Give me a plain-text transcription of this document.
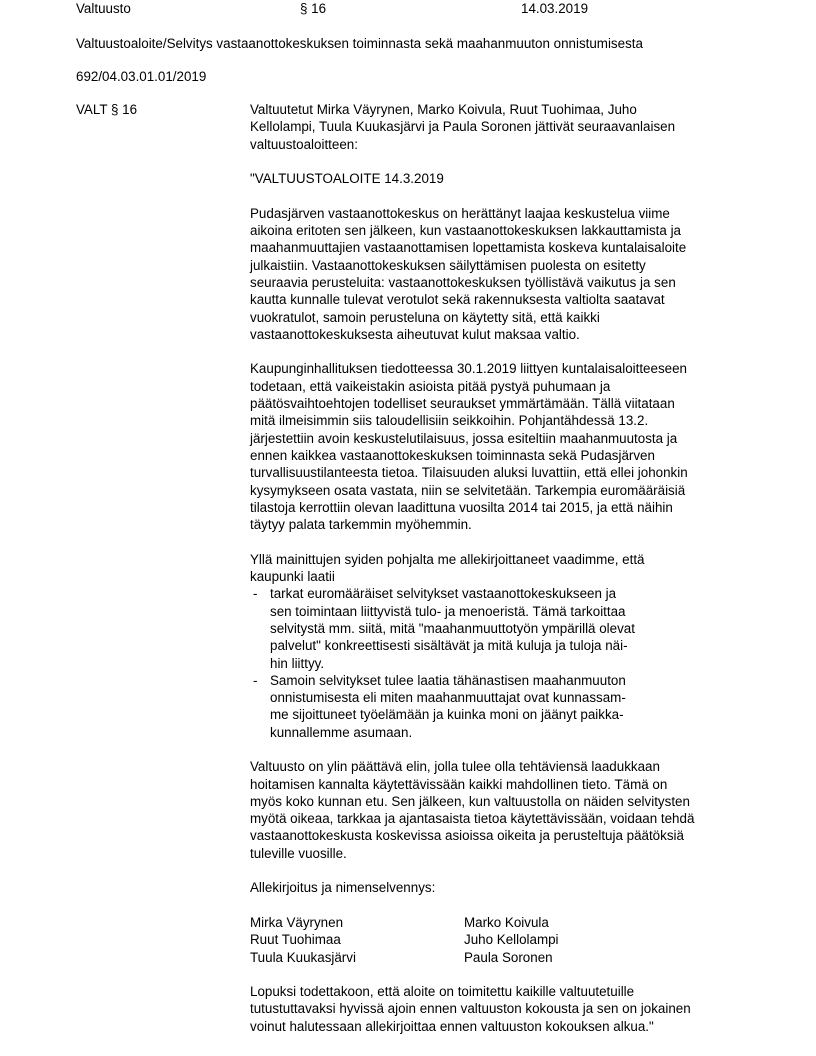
Valtuusto	§ 16	14.03.2019
Valtuustoaloite/Selvitys vastaanottokeskuksen toiminnasta sekä maahanmuuton onnistumisesta
692/04.03.01.01/2019
VALT § 16	Valtuutetut Mirka Väyrynen, Marko Koivula, Ruut Tuohimaa, Juho
Kellolampi, Tuula Kuukasjärvi ja Paula Soronen jättivät seuraavanlaisen
valtuustoaloitteen:

"VALTUUSTOALOITE 14.3.2019

Pudasjärven vastaanottokeskus on herättänyt laajaa keskustelua viime
aikoina eritoten sen jälkeen, kun vastaanottokeskuksen lakkauttamista ja
maahanmuuttajien vastaanottamisen lopettamista koskeva kuntalaisaloite
julkaistiin. Vastaanottokeskuksen säilyttämisen puolesta on esitetty
seuraavia perusteluita: vastaanottokeskuksen työllistävä vaikutus ja sen
kautta kunnalle tulevat verotulot sekä rakennuksesta valtiolta saatavat
vuokratulot, samoin perusteluna on käytetty sitä, että kaikki
vastaanottokeskuksesta aiheutuvat kulut maksaa valtio.

Kaupunginhallituksen tiedotteessa 30.1.2019 liittyen kuntalaisaloitteeseen
todetaan, että vaikeistakin asioista pitää pystyä puhumaan ja
päätösvaihtoehtojen todelliset seuraukset ymmärtämään. Tällä viitataan
mitä ilmeisimmin siis taloudellisiin seikkoihin. Pohjantähdessä 13.2.
järjestettiin avoin keskustelutilaisuus, jossa esiteltiin maahanmuutosta ja
ennen kaikkea vastaanottokeskuksen toiminnasta sekä Pudasjärven
turvallisuustilanteesta tietoa. Tilaisuuden aluksi luvattiin, että ellei johonkin
kysymykseen osata vastata, niin se selvitetään. Tarkempia euromääräisiä
tilastoja kerrottiin olevan laadittuna vuosilta 2014 tai 2015, ja että näihin
täytyy palata tarkemmin myöhemmin.

Yllä mainittujen syiden pohjalta me allekirjoittaneet vaadimme, että
kaupunki laatii

- tarkat euromääräiset selvitykset vastaanottokeskukseen ja
sen toimintaan liittyvistä tulo- ja menoeristä. Tämä tarkoittaa
selvitystä mm. siitä, mitä "maahanmuuttotyön ympärillä olevat
palvelut" konkreettisesti sisältävät ja mitä kuluja ja tuloja näi-
hin liittyy.
- Samoin selvitykset tulee laatia tähänastisen maahanmuuton
onnistumisesta eli miten maahanmuuttajat ovat kunnassam-
me sijoittuneet työelämään ja kuinka moni on jäänyt paikka-
kunnallemme asumaan.

Valtuusto on ylin päättävä elin, jolla tulee olla tehtäviensä laadukkaan
hoitamisen kannalta käytettävissään kaikki mahdollinen tieto. Tämä on
myös koko kunnan etu. Sen jälkeen, kun valtuustolla on näiden selvitysten
myötä oikeaa, tarkkaa ja ajantasaista tietoa käytettävissään, voidaan tehdä
vastaanottokeskusta koskevissa asioissa oikeita ja perusteltuja päätöksiä
tuleville vuosille.

Allekirjoitus ja nimenselvennys:

Mirka Väyrynen	Marko Koivula
Ruut Tuohimaa	Juho Kellolampi
Tuula Kuukasjärvi	Paula Soronen

Lopuksi todettakoon, että aloite on toimitettu kaikille valtuutetuille
tutustuttavaksi hyvissä ajoin ennen valtuuston kokousta ja sen on jokainen
voinut halutessaan allekirjoittaa ennen valtuuston kokouksen alkua."
